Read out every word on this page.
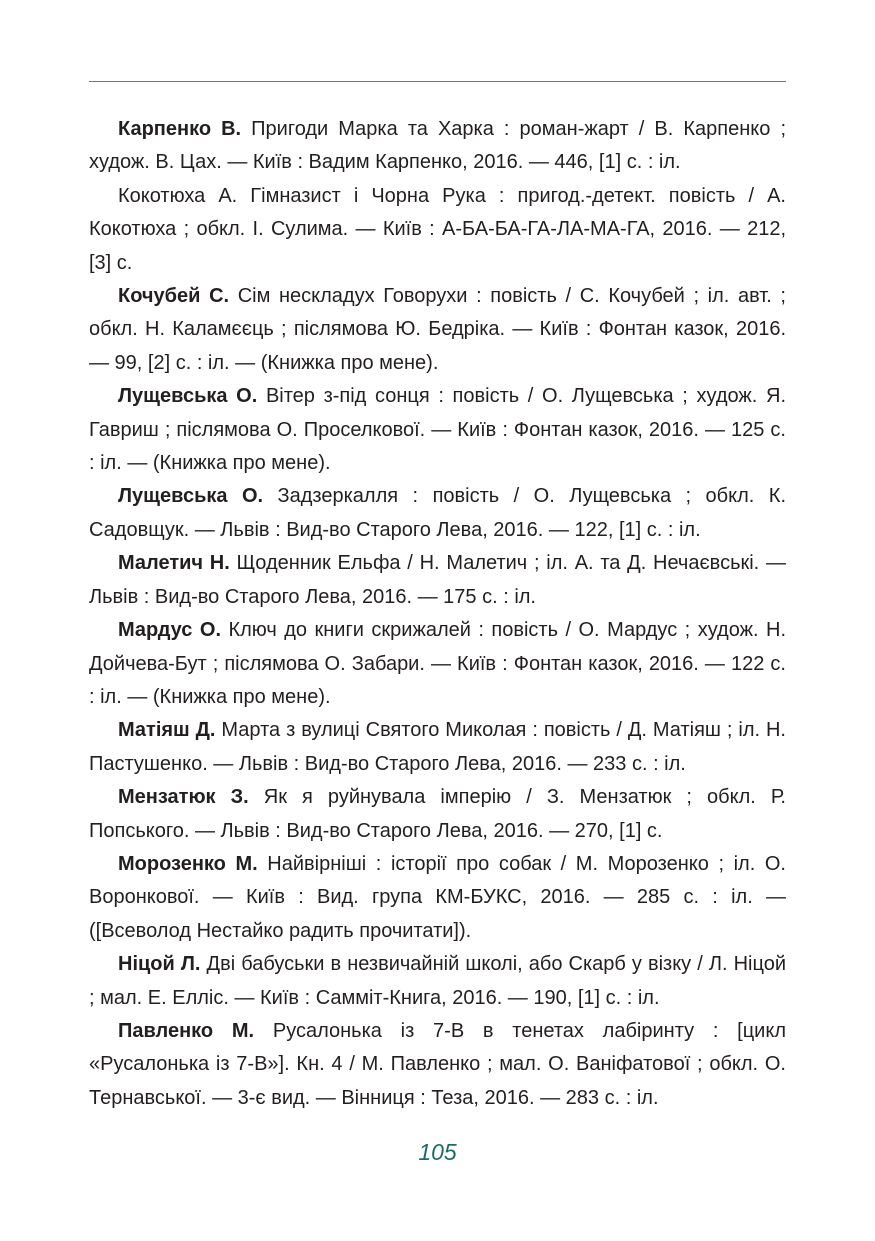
Карпенко В. Пригоди Марка та Харка : роман-жарт / В. Карпенко ; худож. В. Цах. — Київ : Вадим Карпенко, 2016. — 446, [1] с. : іл.

Кокотюха А. Гімназист і Чорна Рука : пригод.-детект. повість / А. Кокотюха ; обкл. І. Сулима. — Київ : А-БА-БА-ГА-ЛА-МА-ГА, 2016. — 212, [3] с.

Кочубей С. Сім нескладух Говорухи : повість / С. Кочубей ; іл. авт. ; обкл. Н. Каламєєць ; післямова Ю. Бедріка. — Київ : Фонтан казок, 2016. — 99, [2] с. : іл. — (Книжка про мене).

Лущевська О. Вітер з-під сонця : повість / О. Лущевська ; худож. Я. Гавриш ; післямова О. Проселкової. — Київ : Фонтан казок, 2016. — 125 с. : іл. — (Книжка про мене).

Лущевська О. Задзеркалля : повість / О. Лущевська ; обкл. К. Садовщук. — Львів : Вид-во Старого Лева, 2016. — 122, [1] с. : іл.

Малетич Н. Щоденник Ельфа / Н. Малетич ; іл. А. та Д. Нечаєвські. — Львів : Вид-во Старого Лева, 2016. — 175 с. : іл.

Мардус О. Ключ до книги скрижалей : повість / О. Мардус ; худож. Н. Дойчева-Бут ; післямова О. Забари. — Київ : Фонтан казок, 2016. — 122 с. : іл. — (Книжка про мене).

Матіяш Д. Марта з вулиці Святого Миколая : повість / Д. Матіяш ; іл. Н. Пастушенко. — Львів : Вид-во Старого Лева, 2016. — 233 с. : іл.

Мензатюк З. Як я руйнувала імперію / З. Мензатюк ; обкл. Р. Попського. — Львів : Вид-во Старого Лева, 2016. — 270, [1] с.

Морозенко М. Найвірніші : історії про собак / М. Морозенко ; іл. О. Воронкової. — Київ : Вид. група КМ-БУКС, 2016. — 285 с. : іл. — ([Всеволод Нестайко радить прочитати]).

Ніцой Л. Дві бабуськи в незвичайній школі, або Скарб у візку / Л. Ніцой ; мал. Е. Елліс. — Київ : Самміт-Книга, 2016. — 190, [1] с. : іл.

Павленко М. Русалонька із 7-В в тенетах лабіринту : [цикл «Русалонька із 7-В»]. Кн. 4 / М. Павленко ; мал. О. Ваніфатової ; обкл. О. Тернавської. — 3-є вид. — Вінниця : Теза, 2016. — 283 с. : іл.

105
